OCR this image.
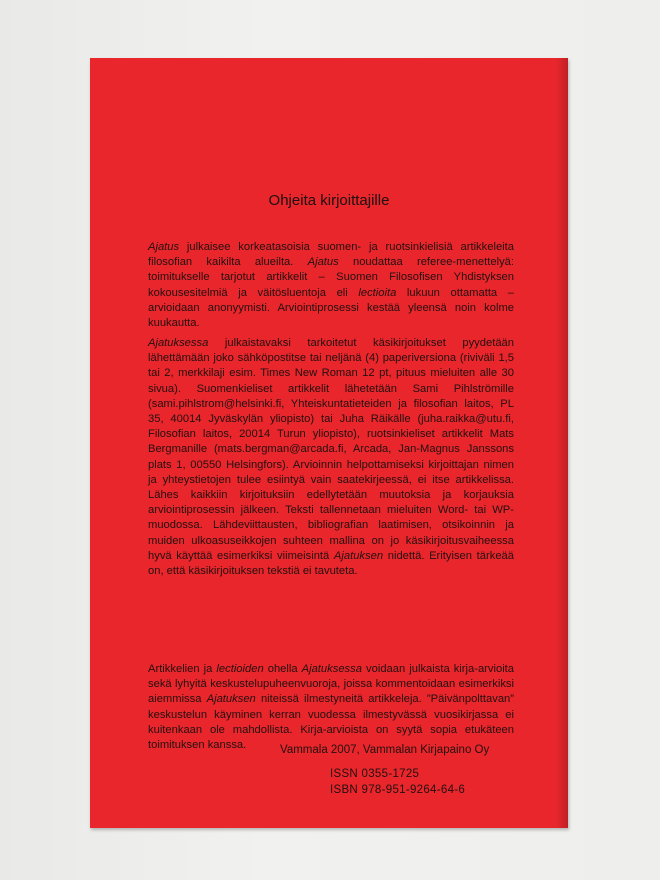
Ohjeita kirjoittajille
Ajatus julkaisee korkeatasoisia suomen- ja ruotsinkielisiä artikkeleita filosofian kaikilta alueilta. Ajatus noudattaa referee-menettelyä: toimitukselle tarjotut artikkelit – Suomen Filosofisen Yhdistyksen kokousesitelmiä ja väitösluentoja eli lectioita lukuun ottamatta – arvioidaan anonyymisti. Arviointiprosessi kestää yleensä noin kolme kuukautta.
Ajatuksessa julkaistavaksi tarkoitetut käsikirjoitukset pyydetään lähettämään joko sähköpostitse tai neljänä (4) paperiversiona (riviväli 1,5 tai 2, merkkilaji esim. Times New Roman 12 pt, pituus mieluiten alle 30 sivua). Suomenkieliset artikkelit lähetetään Sami Pihlströmille (sami.pihlstrom@helsinki.fi, Yhteiskuntatieteiden ja filosofian laitos, PL 35, 40014 Jyväskylän yliopisto) tai Juha Räikälle (juha.raikka@utu.fi, Filosofian laitos, 20014 Turun yliopisto), ruotsinkieliset artikkelit Mats Bergmanille (mats.bergman@arcada.fi, Arcada, Jan-Magnus Janssons plats 1, 00550 Helsingfors). Arvioinnin helpottamiseksi kirjoittajan nimen ja yhteystietojen tulee esiintyä vain saatekirjeessä, ei itse artikkelissa. Lähes kaikkiin kirjoituksiin edellytetään muutoksia ja korjauksia arviointiprosessin jälkeen. Teksti tallennetaan mieluiten Word- tai WP-muodossa. Lähdeviittausten, bibliografian laatimisen, otsikoinnin ja muiden ulkoasuseikkojen suhteen mallina on jo käsikirjoitusvaiheessa hyvä käyttää esimerkiksi viimeisintä Ajatuksen nidettä. Erityisen tärkeää on, että käsikirjoituksen tekstiä ei tavuteta.
Artikkelien ja lectioiden ohella Ajatuksessa voidaan julkaista kirja-arvioita sekä lyhyitä keskustelupuheenvuoroja, joissa kommentoidaan esimerkiksi aiemmissa Ajatuksen niteissä ilmestyneitä artikkeleja. ”Päivänpolttavan” keskustelun käyminen kerran vuodessa ilmestyvässä vuosikirjassa ei kuitenkaan ole mahdollista. Kirja-arvioista on syytä sopia etukäteen toimituksen kanssa.	Vammala 2007, Vammalan Kirjapaino Oy
ISSN 0355-1725
ISBN 978-951-9264-64-6
